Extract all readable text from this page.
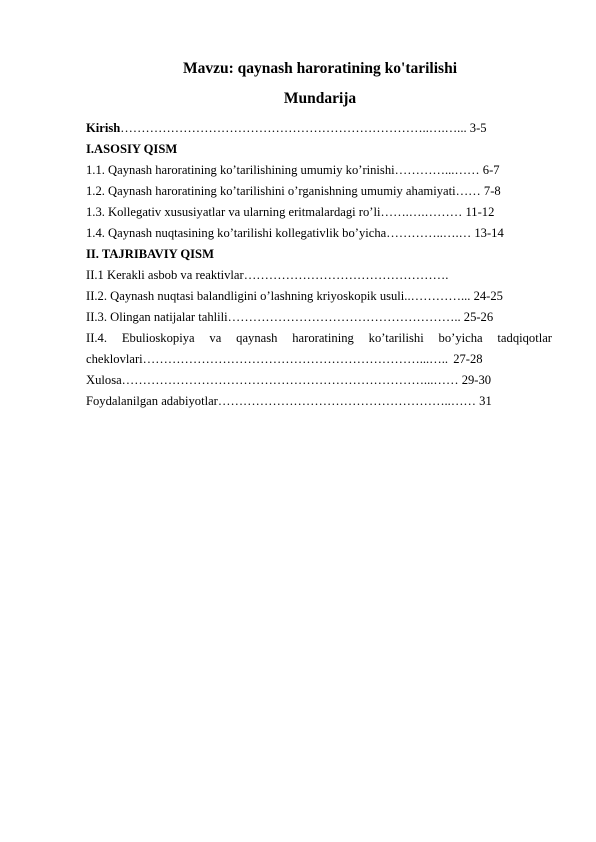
Mavzu: qaynash haroratining ko'tarilishi
Mundarija
Kirish………………………………………………………………..….…... 3-5
I.ASOSIY QISM
1.1. Qaynash haroratining ko’tarilishining umumiy ko’rinishi…………...…… 6-7
1.2. Qaynash haroratining ko’tarilishini o’rganishning umumiy ahamiyati…… 7-8
1.3. Kollegativ xususiyatlar va ularning eritmalardagi ro’li…….….……… 11-12
1.4. Qaynash nuqtasining ko’tarilishi kollegativlik bo’yicha…………..….… 13-14
II. TAJRIBAVIY QISM
II.1 Kerakli asbob va reaktivlar………………………………………….
II.2. Qaynash nuqtasi balandligini o’lashning kriyoskopik usuli..…………... 24-25
II.3. Olingan natijalar tahlili……………………………………………….. 25-26
II.4. Ebulioskopiya va qaynash haroratining ko’tarilishi bo’yicha tadqiqotlar cheklovlari…………………………………………………………...….. 27-28
Xulosa………………………………………………………………...…… 29-30
Foydalanilgan adabiyotlar………………………………………………..…… 31
